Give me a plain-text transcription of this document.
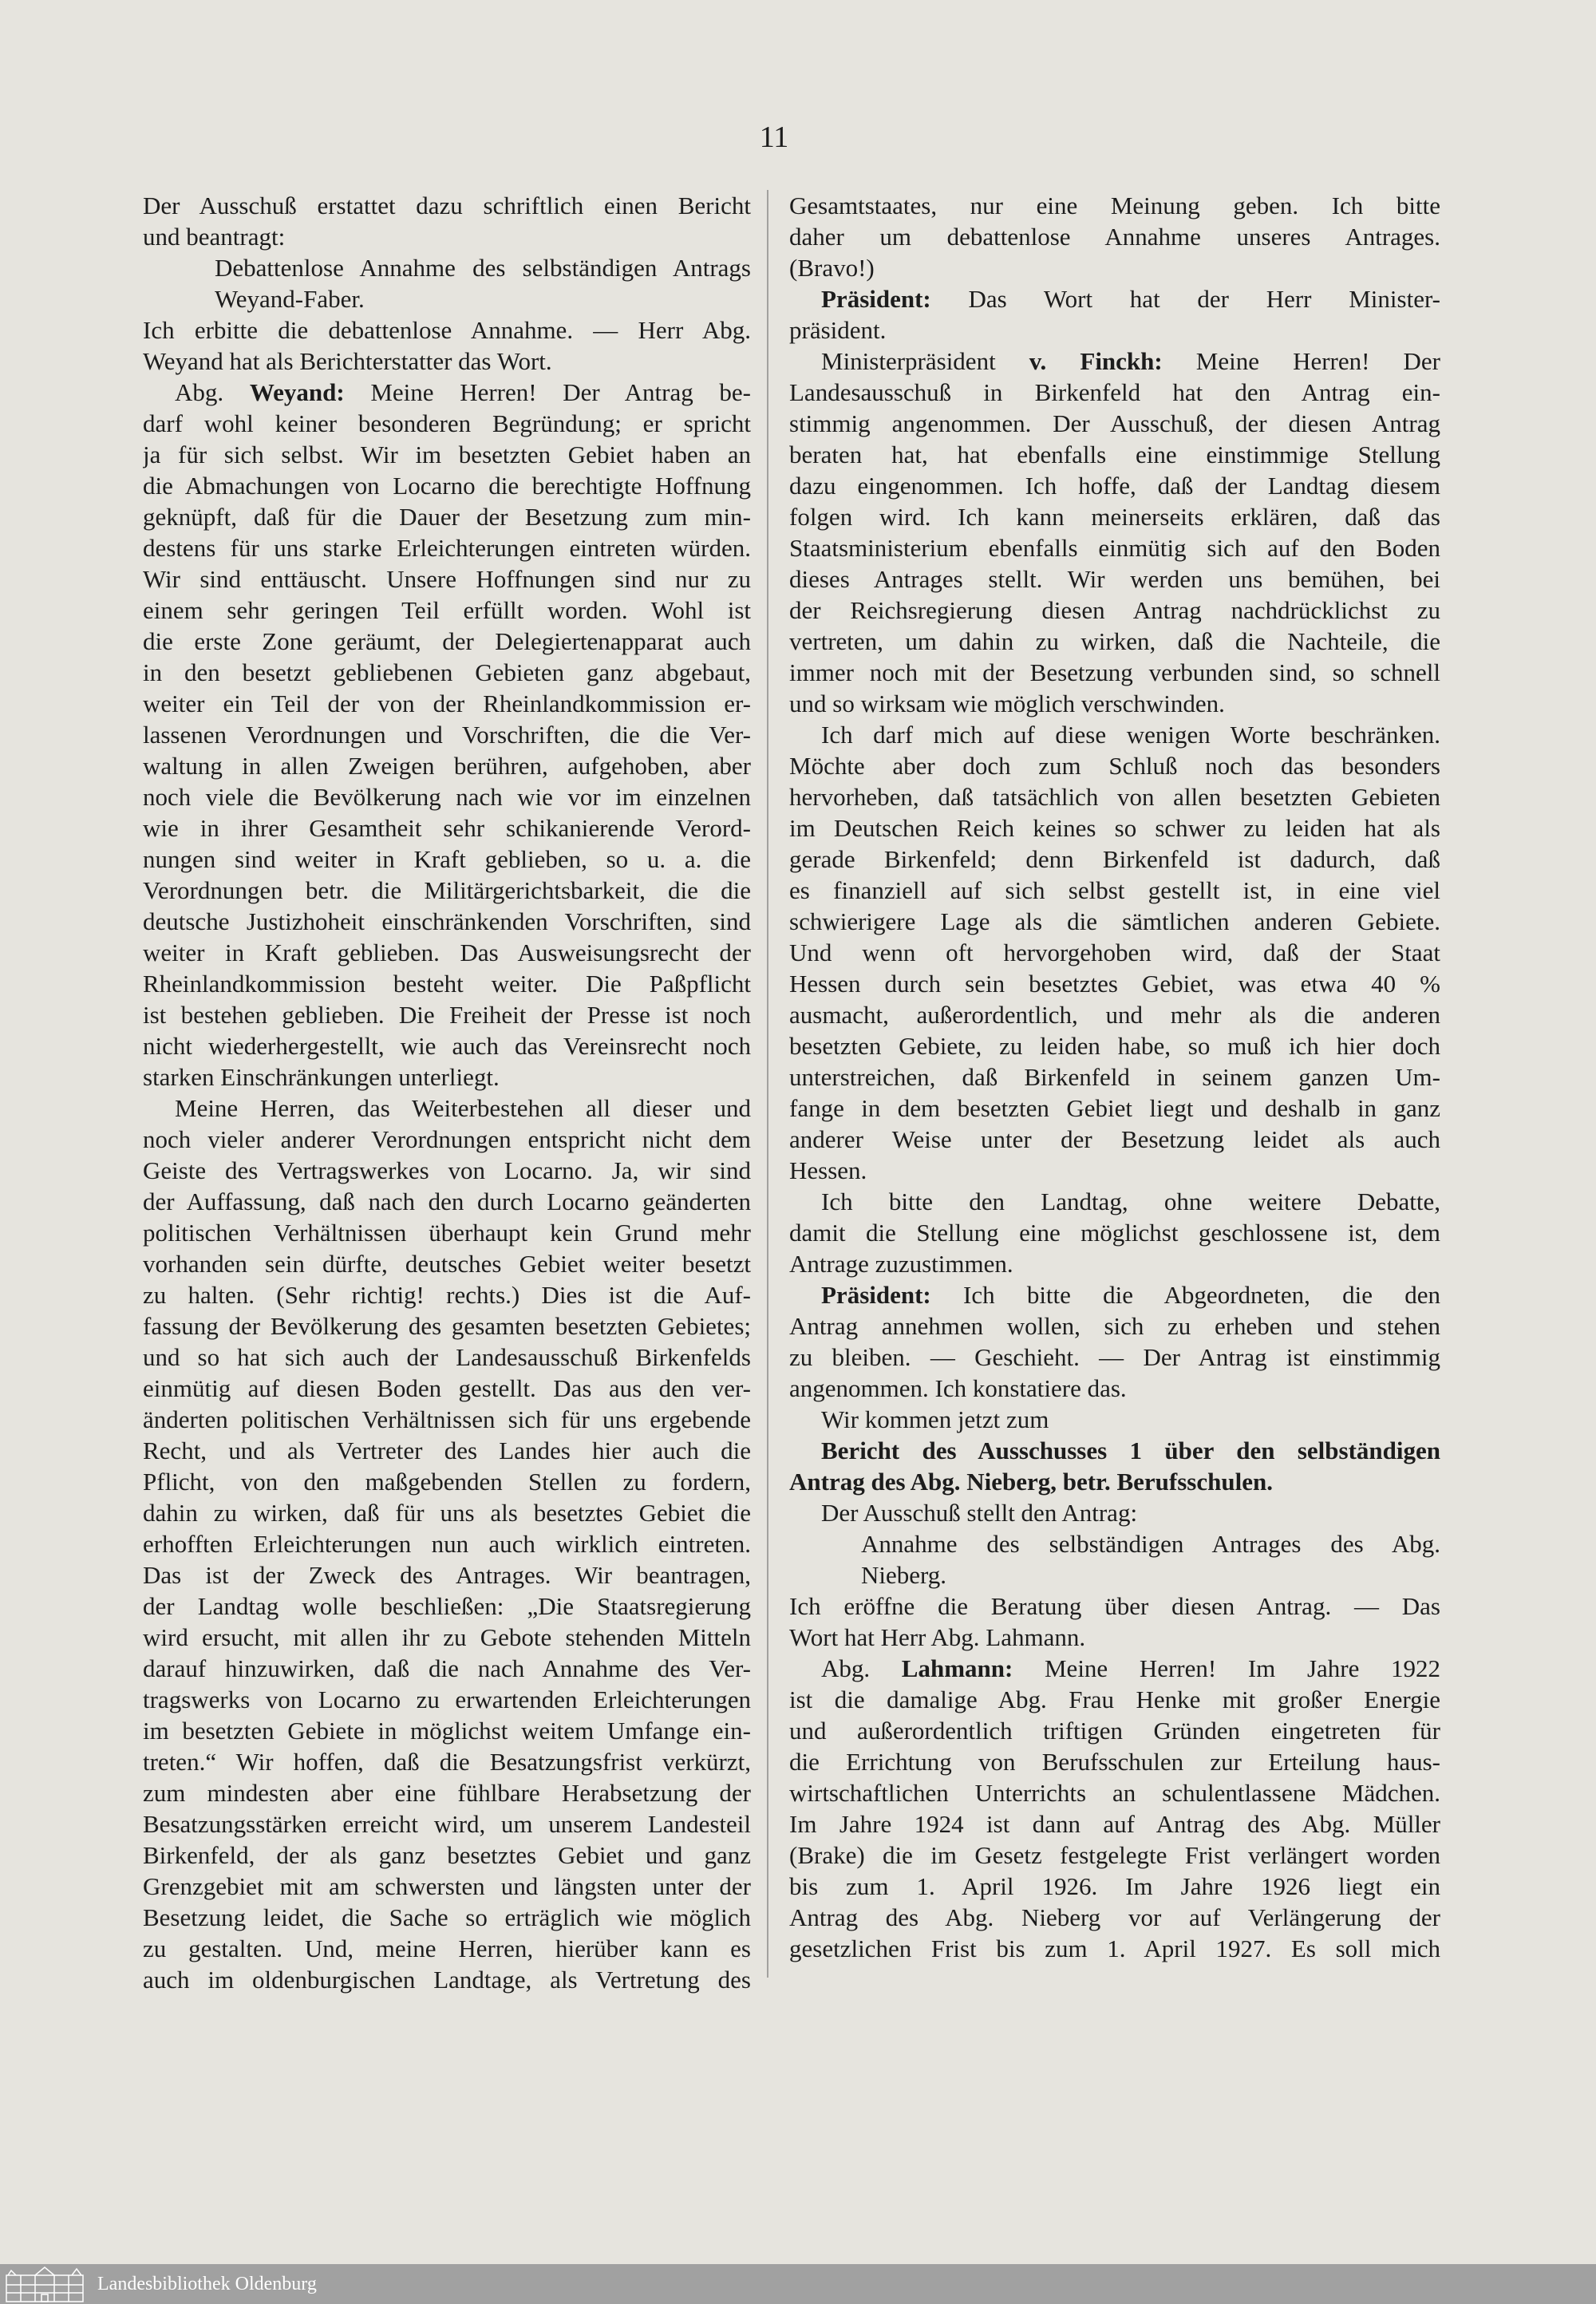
11
Der Ausschuß erstattet dazu schriftlich einen Bericht
und beantragt:
Debattenlose Annahme des selbständigen Antrags
Weyand-Faber.
Ich erbitte die debattenlose Annahme. — Herr Abg.
Weyand hat als Berichterstatter das Wort.
Abg. Weyand: Meine Herren! Der Antrag be-
darf wohl keiner besonderen Begründung; er spricht
ja für sich selbst. Wir im besetzten Gebiet haben an
die Abmachungen von Locarno die berechtigte Hoffnung
geknüpft, daß für die Dauer der Besetzung zum min-
destens für uns starke Erleichterungen eintreten würden.
Wir sind enttäuscht. Unsere Hoffnungen sind nur zu
einem sehr geringen Teil erfüllt worden. Wohl ist
die erste Zone geräumt, der Delegiertenapparat auch
in den besetzt gebliebenen Gebieten ganz abgebaut,
weiter ein Teil der von der Rheinlandkommission er-
lassenen Verordnungen und Vorschriften, die die Ver-
waltung in allen Zweigen berühren, aufgehoben, aber
noch viele die Bevölkerung nach wie vor im einzelnen
wie in ihrer Gesamtheit sehr schikanierende Verord-
nungen sind weiter in Kraft geblieben, so u. a. die
Verordnungen betr. die Militärgerichtsbarkeit, die die
deutsche Justizhoheit einschränkenden Vorschriften, sind
weiter in Kraft geblieben. Das Ausweisungsrecht der
Rheinlandkommission besteht weiter. Die Paßpflicht
ist bestehen geblieben. Die Freiheit der Presse ist noch
nicht wiederhergestellt, wie auch das Vereinsrecht noch
starken Einschränkungen unterliegt.
Meine Herren, das Weiterbestehen all dieser und
noch vieler anderer Verordnungen entspricht nicht dem
Geiste des Vertragswerkes von Locarno. Ja, wir sind
der Auffassung, daß nach den durch Locarno geänderten
politischen Verhältnissen überhaupt kein Grund mehr
vorhanden sein dürfte, deutsches Gebiet weiter besetzt
zu halten. (Sehr richtig! rechts.) Dies ist die Auf-
fassung der Bevölkerung des gesamten besetzten Gebietes;
und so hat sich auch der Landesausschuß Birkenfelds
einmütig auf diesen Boden gestellt. Das aus den ver-
änderten politischen Verhältnissen sich für uns ergebende
Recht, und als Vertreter des Landes hier auch die
Pflicht, von den maßgebenden Stellen zu fordern,
dahin zu wirken, daß für uns als besetztes Gebiet die
erhofften Erleichterungen nun auch wirklich eintreten.
Das ist der Zweck des Antrages. Wir beantragen,
der Landtag wolle beschließen: „Die Staatsregierung
wird ersucht, mit allen ihr zu Gebote stehenden Mitteln
darauf hinzuwirken, daß die nach Annahme des Ver-
tragswerks von Locarno zu erwartenden Erleichterungen
im besetzten Gebiete in möglichst weitem Umfange ein-
treten.“ Wir hoffen, daß die Besatzungsfrist verkürzt,
zum mindesten aber eine fühlbare Herabsetzung der
Besatzungsstärken erreicht wird, um unserem Landesteil
Birkenfeld, der als ganz besetztes Gebiet und ganz
Grenzgebiet mit am schwersten und längsten unter der
Besetzung leidet, die Sache so erträglich wie möglich
zu gestalten. Und, meine Herren, hierüber kann es
auch im oldenburgischen Landtage, als Vertretung des
Gesamtstaates, nur eine Meinung geben. Ich bitte
daher um debattenlose Annahme unseres Antrages.
(Bravo!)
Präsident: Das Wort hat der Herr Minister-
präsident.
Ministerpräsident v. Finckh: Meine Herren! Der
Landesausschuß in Birkenfeld hat den Antrag ein-
stimmig angenommen. Der Ausschuß, der diesen Antrag
beraten hat, hat ebenfalls eine einstimmige Stellung
dazu eingenommen. Ich hoffe, daß der Landtag diesem
folgen wird. Ich kann meinerseits erklären, daß das
Staatsministerium ebenfalls einmütig sich auf den Boden
dieses Antrages stellt. Wir werden uns bemühen, bei
der Reichsregierung diesen Antrag nachdrücklichst zu
vertreten, um dahin zu wirken, daß die Nachteile, die
immer noch mit der Besetzung verbunden sind, so schnell
und so wirksam wie möglich verschwinden.
Ich darf mich auf diese wenigen Worte beschränken.
Möchte aber doch zum Schluß noch das besonders
hervorheben, daß tatsächlich von allen besetzten Gebieten
im Deutschen Reich keines so schwer zu leiden hat als
gerade Birkenfeld; denn Birkenfeld ist dadurch, daß
es finanziell auf sich selbst gestellt ist, in eine viel
schwierigere Lage als die sämtlichen anderen Gebiete.
Und wenn oft hervorgehoben wird, daß der Staat
Hessen durch sein besetztes Gebiet, was etwa 40 %
ausmacht, außerordentlich, und mehr als die anderen
besetzten Gebiete, zu leiden habe, so muß ich hier doch
unterstreichen, daß Birkenfeld in seinem ganzen Um-
fange in dem besetzten Gebiet liegt und deshalb in ganz
anderer Weise unter der Besetzung leidet als auch
Hessen.
Ich bitte den Landtag, ohne weitere Debatte,
damit die Stellung eine möglichst geschlossene ist, dem
Antrage zuzustimmen.
Präsident: Ich bitte die Abgeordneten, die den
Antrag annehmen wollen, sich zu erheben und stehen
zu bleiben. — Geschieht. — Der Antrag ist einstimmig
angenommen. Ich konstatiere das.
Wir kommen jetzt zum
Bericht des Ausschusses 1 über den selbständigen
Antrag des Abg. Nieberg, betr. Berufsschulen.
Der Ausschuß stellt den Antrag:
Annahme des selbständigen Antrages des Abg.
Nieberg.
Ich eröffne die Beratung über diesen Antrag. — Das
Wort hat Herr Abg. Lahmann.
Abg. Lahmann: Meine Herren! Im Jahre 1922
ist die damalige Abg. Frau Henke mit großer Energie
und außerordentlich triftigen Gründen eingetreten für
die Errichtung von Berufsschulen zur Erteilung haus-
wirtschaftlichen Unterrichts an schulentlassene Mädchen.
Im Jahre 1924 ist dann auf Antrag des Abg. Müller
(Brake) die im Gesetz festgelegte Frist verlängert worden
bis zum 1. April 1926. Im Jahre 1926 liegt ein
Antrag des Abg. Nieberg vor auf Verlängerung der
gesetzlichen Frist bis zum 1. April 1927. Es soll mich
Landesbibliothek Oldenburg
